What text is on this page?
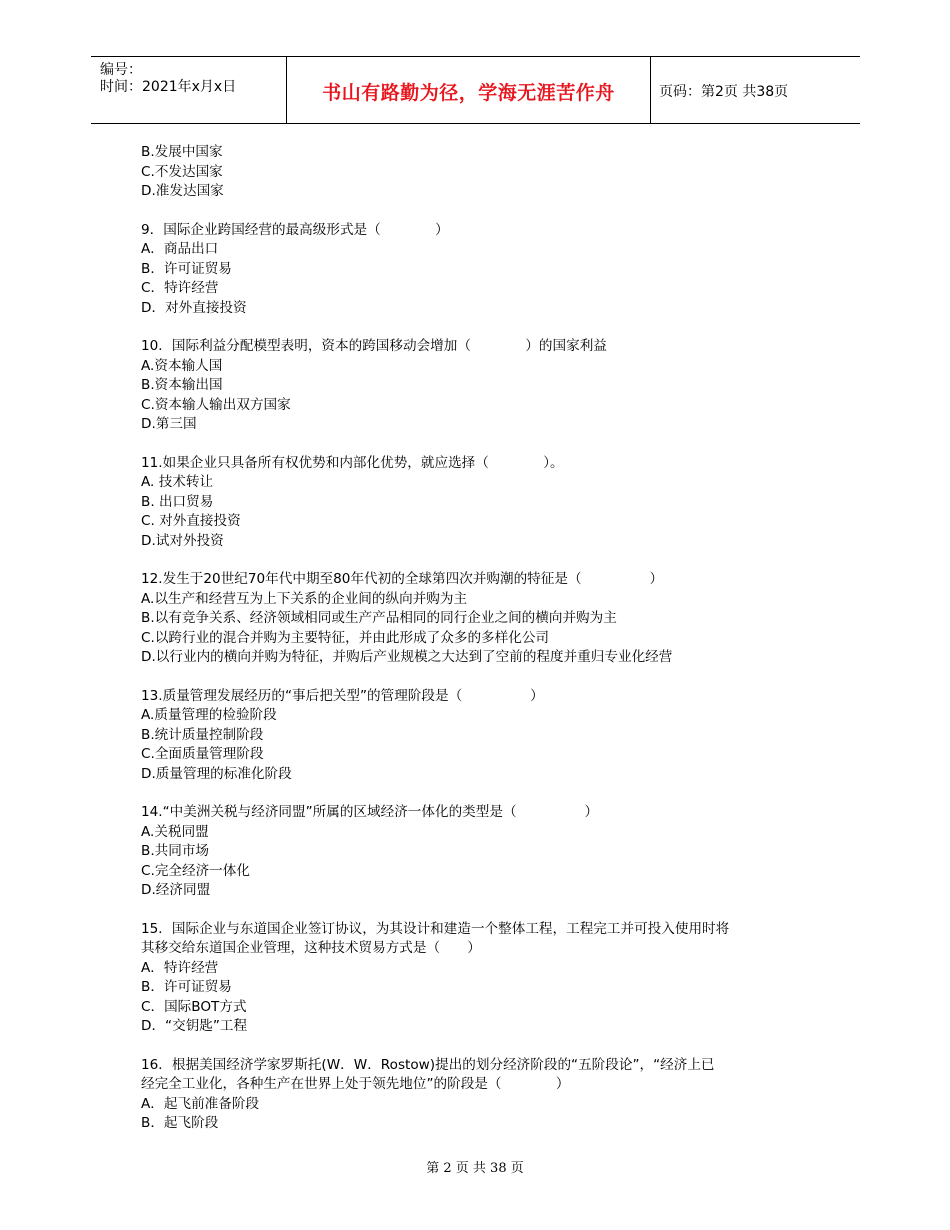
编号：
时间：2021年x月x日	书山有路勤为径，学海无涯苦作舟	页码：第2页 共38页
B.发展中国家
C.不发达国家
D.准发达国家
9．国际企业跨国经营的最高级形式是（　　　　）
A．商品出口
B．许可证贸易
C．特许经营
D．对外直接投资
10．国际利益分配模型表明，资本的跨国移动会增加（　　　　）的国家利益
A.资本输人国
B.资本输出国
C.资本输人输出双方国家
D.第三国
11.如果企业只具备所有权优势和内部化优势，就应选择（　　　　）。
A. 技术转让
B. 出口贸易
C. 对外直接投资
D.试对外投资
12.发生于20世纪70年代中期至80年代初的全球第四次并购潮的特征是（　　　　　）
A.以生产和经营互为上下关系的企业间的纵向并购为主
B.以有竞争关系、经济领域相同或生产产品相同的同行企业之间的横向并购为主
C.以跨行业的混合并购为主要特征，并由此形成了众多的多样化公司
D.以行业内的横向并购为特征，并购后产业规模之大达到了空前的程度并重归专业化经营
13.质量管理发展经历的“事后把关型”的管理阶段是（　　　　　）
A.质量管理的检验阶段
B.统计质量控制阶段
C.全面质量管理阶段
D.质量管理的标准化阶段
14.“中美洲关税与经济同盟”所属的区域经济一体化的类型是（　　　　　）
A.关税同盟
B.共同市场
C.完全经济一体化
D.经济同盟
15．国际企业与东道国企业签订协议，为其设计和建造一个整体工程，工程完工并可投入使用时将
其移交给东道国企业管理，这种技术贸易方式是（　　）
A．特许经营
B．许可证贸易
C．国际BOT方式
D．“交钥匙”工程
16．根据美国经济学家罗斯托(W．W．Rostow)提出的划分经济阶段的“五阶段论”，“经济上已
经完全工业化，各种生产在世界上处于领先地位”的阶段是（　　　　）
A．起飞前准备阶段
B．起飞阶段
第 2 页 共 38 页
